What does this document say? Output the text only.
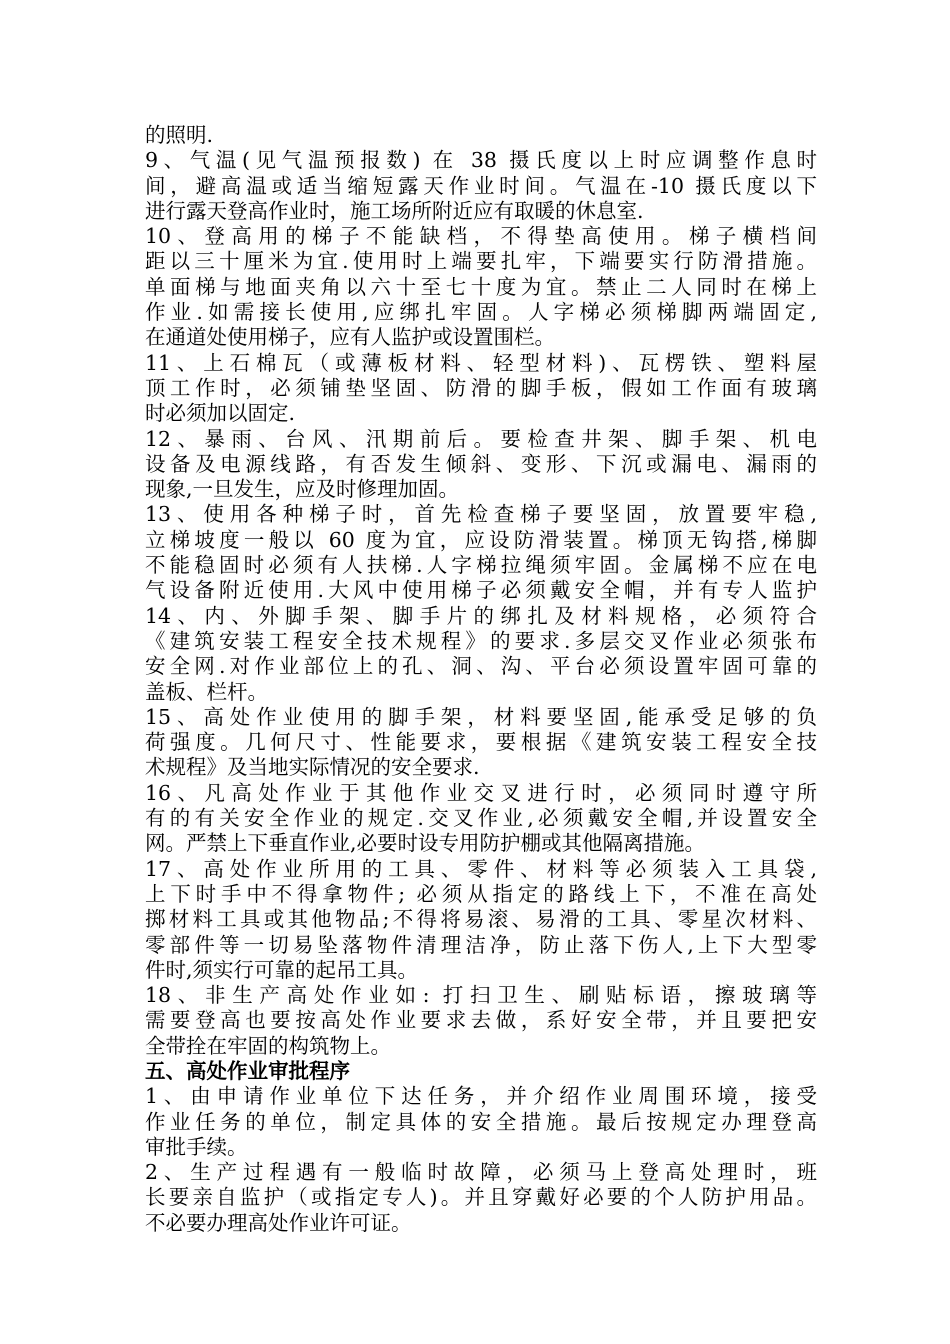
的照明.
9、气温(见气温预报数) 在 38 摄氏度以上时应调整作息时
间，避高温或适当缩短露天作业时间。气温在-10 摄氏度以下
进行露天登高作业时，施工场所附近应有取暖的休息室.
10、登高用的梯子不能缺档，不得垫高使用。梯子横档间
距以三十厘米为宜.使用时上端要扎牢，下端要实行防滑措施。
单面梯与地面夹角以六十至七十度为宜。禁止二人同时在梯上
作业.如需接长使用,应绑扎牢固。人字梯必须梯脚两端固定,
在通道处使用梯子，应有人监护或设置围栏。
11、上石棉瓦（或薄板材料、轻型材料)、瓦楞铁、塑料屋
顶工作时，必须铺垫坚固、防滑的脚手板，假如工作面有玻璃
时必须加以固定.
12、暴雨、台风、汛期前后。要检查井架、脚手架、机电
设备及电源线路，有否发生倾斜、变形、下沉或漏电、漏雨的
现象,一旦发生，应及时修理加固。
13、使用各种梯子时，首先检查梯子要坚固，放置要牢稳,
立梯坡度一般以 60 度为宜，应设防滑装置。梯顶无钩搭,梯脚
不能稳固时必须有人扶梯.人字梯拉绳须牢固。金属梯不应在电
气设备附近使用.大风中使用梯子必须戴安全帽，并有专人监护
14、内、外脚手架、脚手片的绑扎及材料规格，必须符合
《建筑安装工程安全技术规程》的要求.多层交叉作业必须张布
安全网.对作业部位上的孔、洞、沟、平台必须设置牢固可靠的
盖板、栏杆。
15、高处作业使用的脚手架，材料要坚固,能承受足够的负
荷强度。几何尺寸、性能要求，要根据《建筑安装工程安全技
术规程》及当地实际情况的安全要求.
16、凡高处作业于其他作业交叉进行时，必须同时遵守所
有的有关安全作业的规定.交叉作业,必须戴安全帽,并设置安全
网。严禁上下垂直作业,必要时设专用防护棚或其他隔离措施。
17、高处作业所用的工具、零件、材料等必须装入工具袋,
上下时手中不得拿物件; 必须从指定的路线上下，不准在高处
掷材料工具或其他物品;不得将易滚、易滑的工具、零星次材料、
零部件等一切易坠落物件清理洁净，防止落下伤人,上下大型零
件时,须实行可靠的起吊工具。
18、非生产高处作业如: 打扫卫生、刷贴标语，擦玻璃等
需要登高也要按高处作业要求去做，系好安全带，并且要把安
全带拴在牢固的构筑物上。
五、高处作业审批程序
1、由申请作业单位下达任务，并介绍作业周围环境，接受
作业任务的单位，制定具体的安全措施。最后按规定办理登高
审批手续。
2、生产过程遇有一般临时故障，必须马上登高处理时，班
长要亲自监护（或指定专人)。并且穿戴好必要的个人防护用品。
不必要办理高处作业许可证。
